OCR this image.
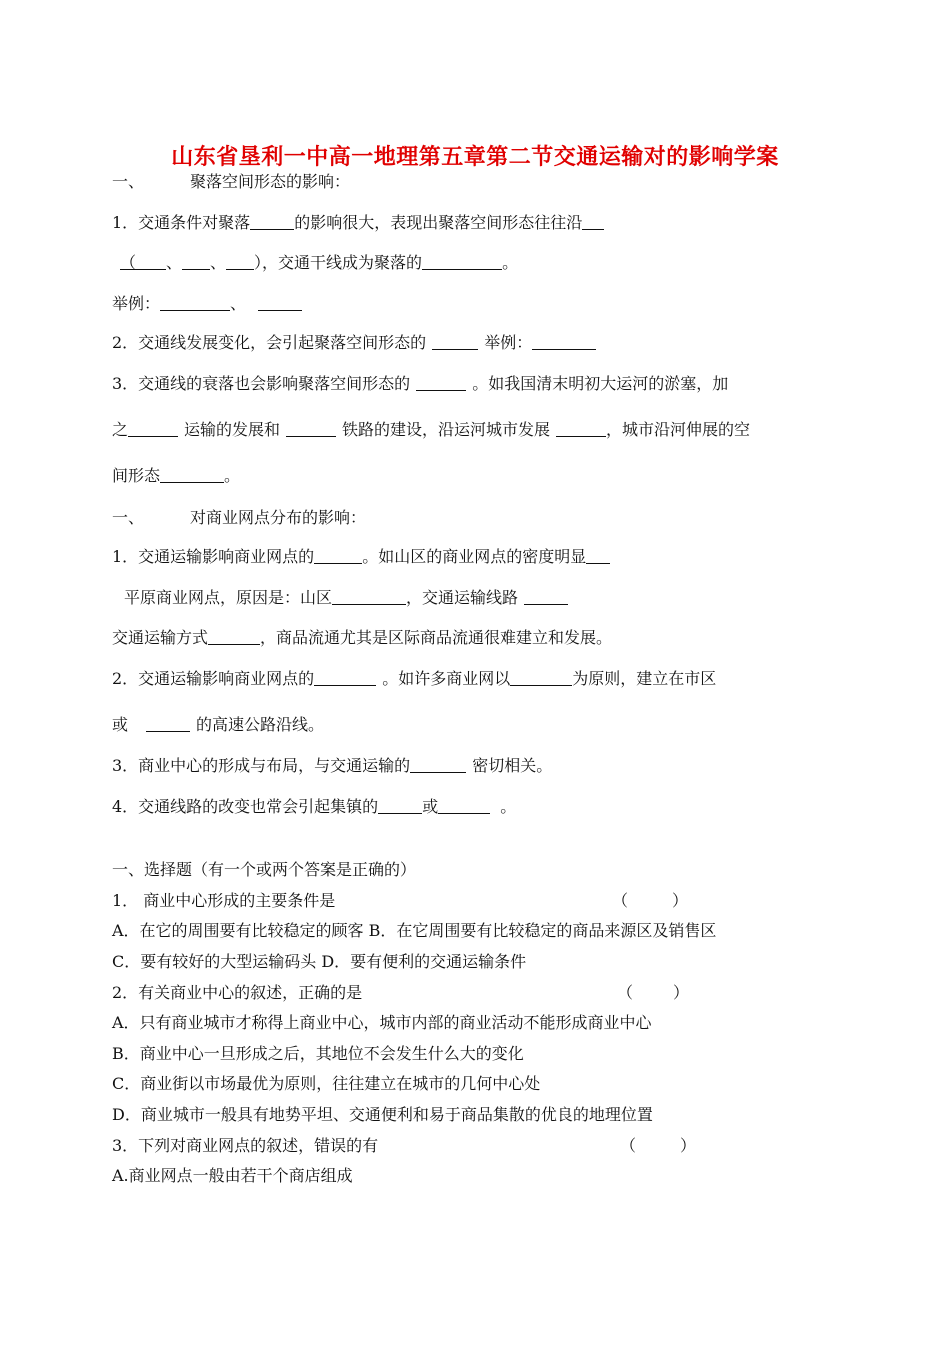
山东省垦利一中高一地理第五章第二节交通运输对的影响学案
一、	聚落空间形态的影响：
1．交通条件对聚落	的影响很大，表现出聚落空间形态往往沿
（ 、 、 ），交通干线成为聚落的	。
举例：	、
2．交通线发展变化，会引起聚落空间形态的	举例：
3．交通线的衰落也会影响聚落空间形态的	。如我国清末明初大运河的淤塞，加
之	运输的发展和	铁路的建设，沿运河城市发展	，城市沿河伸展的空
间形态	。
一、	对商业网点分布的影响：
1．交通运输影响商业网点的	。如山区的商业网点的密度明显
平原商业网点，原因是：山区	，交通运输线路
交通运输方式	，商品流通尤其是区际商品流通很难建立和发展。
2．交通运输影响商业网点的	。如许多商业网以	为原则，建立在市区
或	的高速公路沿线。
3．商业中心的形成与布局，与交通运输的	密切相关。
4．交通线路的改变也常会引起集镇的	或	。
一、选择题（有一个或两个答案是正确的）
1． 商业中心形成的主要条件是	（	）
A．在它的周围要有比较稳定的顾客 B．在它周围要有比较稳定的商品来源区及销售区
C．要有较好的大型运输码头 D．要有便利的交通运输条件
2．有关商业中心的叙述，正确的是	（	）
A．只有商业城市才称得上商业中心，城市内部的商业活动不能形成商业中心
B．商业中心一旦形成之后，其地位不会发生什么大的变化
C．商业街以市场最优为原则，往往建立在城市的几何中心处
D．商业城市一般具有地势平坦、交通便利和易于商品集散的优良的地理位置
3．下列对商业网点的叙述，错误的有	（	）
A.商业网点一般由若干个商店组成
